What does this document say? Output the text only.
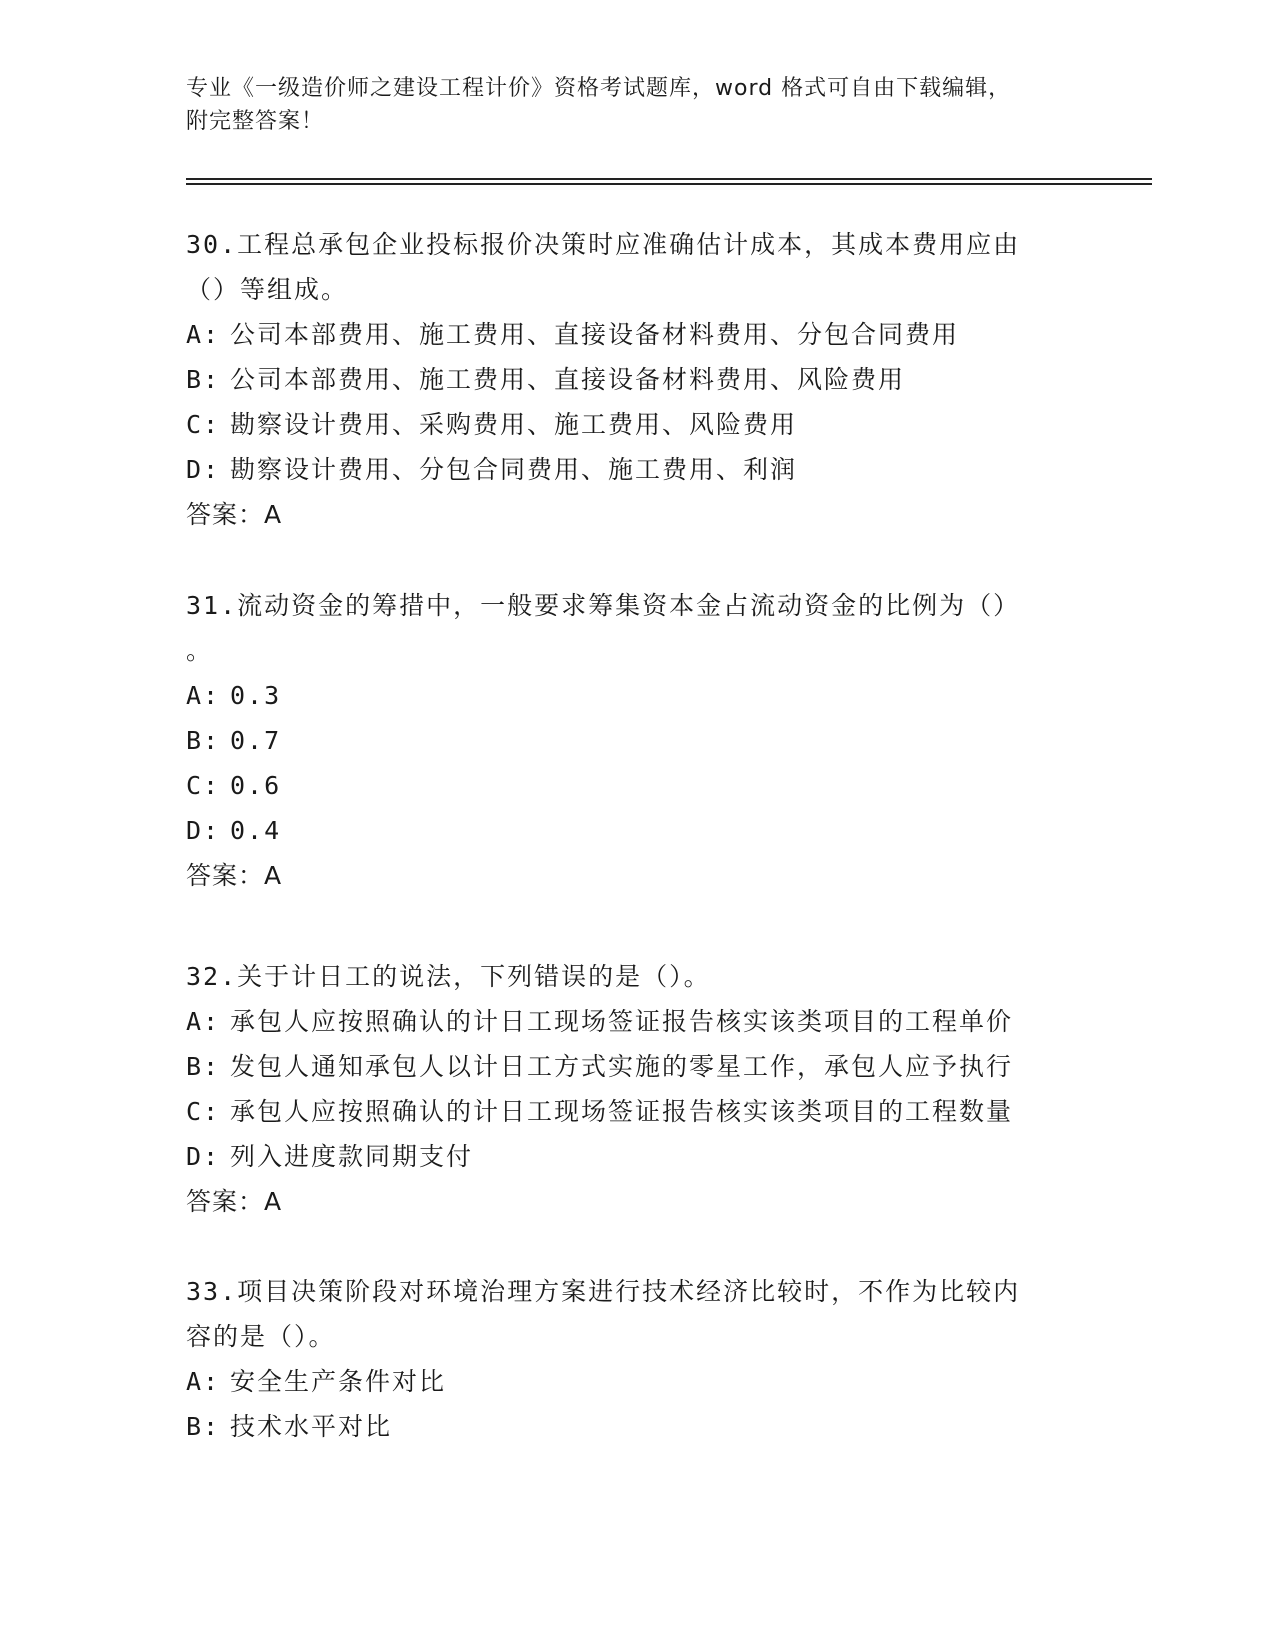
专业《一级造价师之建设工程计价》资格考试题库，word 格式可自由下载编辑，
附完整答案！
30.工程总承包企业投标报价决策时应准确估计成本，其成本费用应由
（）等组成。
A: 公司本部费用、施工费用、直接设备材料费用、分包合同费用
B: 公司本部费用、施工费用、直接设备材料费用、风险费用
C: 勘察设计费用、采购费用、施工费用、风险费用
D: 勘察设计费用、分包合同费用、施工费用、利润
答案：A
31.流动资金的筹措中，一般要求筹集资本金占流动资金的比例为（）
。
A: 0.3
B: 0.7
C: 0.6
D: 0.4
答案：A
32.关于计日工的说法，下列错误的是（）。
A: 承包人应按照确认的计日工现场签证报告核实该类项目的工程单价
B: 发包人通知承包人以计日工方式实施的零星工作，承包人应予执行
C: 承包人应按照确认的计日工现场签证报告核实该类项目的工程数量
D: 列入进度款同期支付
答案：A
33.项目决策阶段对环境治理方案进行技术经济比较时，不作为比较内
容的是（）。
A: 安全生产条件对比
B: 技术水平对比
